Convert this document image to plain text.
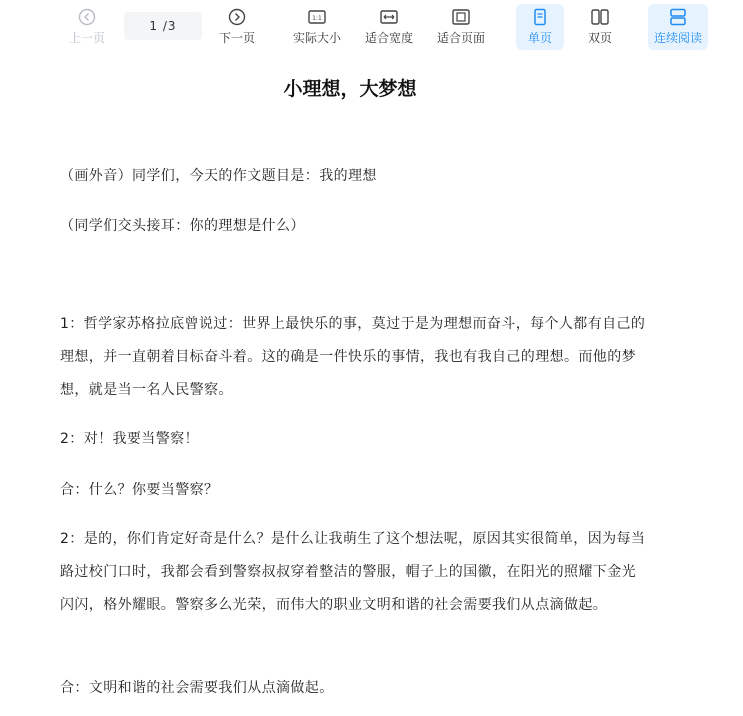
上一页
1 / 3
下一页
1:1
实际大小 适合宽度 适合页面	单页	双页	连续阅读
小理想，大梦想
（画外音）同学们，今天的作文题目是：我的理想
（同学们交头接耳：你的理想是什么）
1：哲学家苏格拉底曾说过：世界上最快乐的事，莫过于是为理想而奋斗，每个人都有自己的理想，并一直朝着目标奋斗着。这的确是一件快乐的事情，我也有我自己的理想。而他的梦想，就是当一名人民警察。
2：对！我要当警察！
合：什么？你要当警察？
2：是的，你们肯定好奇是什么？是什么让我萌生了这个想法呢，原因其实很简单，因为每当路过校门口时，我都会看到警察叔叔穿着整洁的警服，帽子上的国徽，在阳光的照耀下金光闪闪，格外耀眼。警察多么光荣，而伟大的职业文明和谐的社会需要我们从点滴做起。
合：文明和谐的社会需要我们从点滴做起。
